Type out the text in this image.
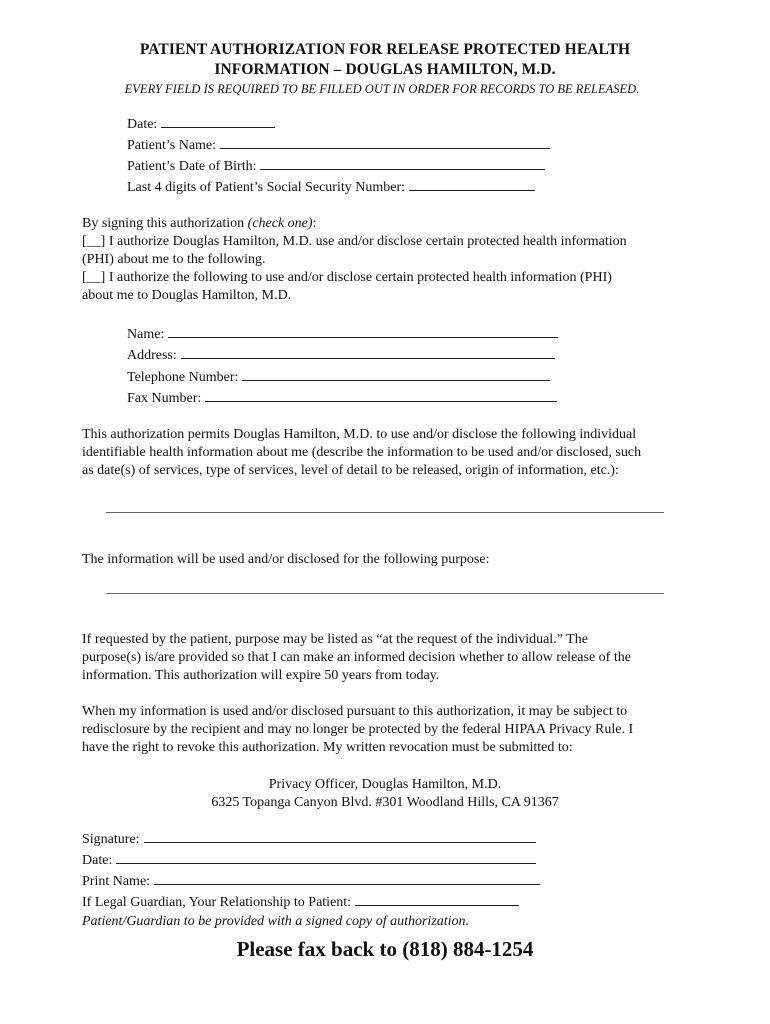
PATIENT AUTHORIZATION FOR RELEASE PROTECTED HEALTH
INFORMATION – DOUGLAS HAMILTON, M.D.
EVERY FIELD IS REQUIRED TO BE FILLED OUT IN ORDER FOR RECORDS TO BE RELEASED.
Date:
Patient’s Name:
Patient’s Date of Birth:
Last 4 digits of Patient’s Social Security Number:
By signing this authorization (check one):
[__] I authorize Douglas Hamilton, M.D. use and/or disclose certain protected health information
(PHI) about me to the following.
[__] I authorize the following to use and/or disclose certain protected health information (PHI)
about me to Douglas Hamilton, M.D.
Name:
Address:
Telephone Number:
Fax Number:
This authorization permits Douglas Hamilton, M.D. to use and/or disclose the following individual
identifiable health information about me (describe the information to be used and/or disclosed, such
as date(s) of services, type of services, level of detail to be released, origin of information, etc.):
The information will be used and/or disclosed for the following purpose:
If requested by the patient, purpose may be listed as “at the request of the individual.” The
purpose(s) is/are provided so that I can make an informed decision whether to allow release of the
information. This authorization will expire 50 years from today.
When my information is used and/or disclosed pursuant to this authorization, it may be subject to
redisclosure by the recipient and may no longer be protected by the federal HIPAA Privacy Rule. I
have the right to revoke this authorization. My written revocation must be submitted to:
Privacy Officer, Douglas Hamilton, M.D.
6325 Topanga Canyon Blvd. #301 Woodland Hills, CA 91367
Signature:
Date:
Print Name:
If Legal Guardian, Your Relationship to Patient:
Patient/Guardian to be provided with a signed copy of authorization.
Please fax back to (818) 884-1254
